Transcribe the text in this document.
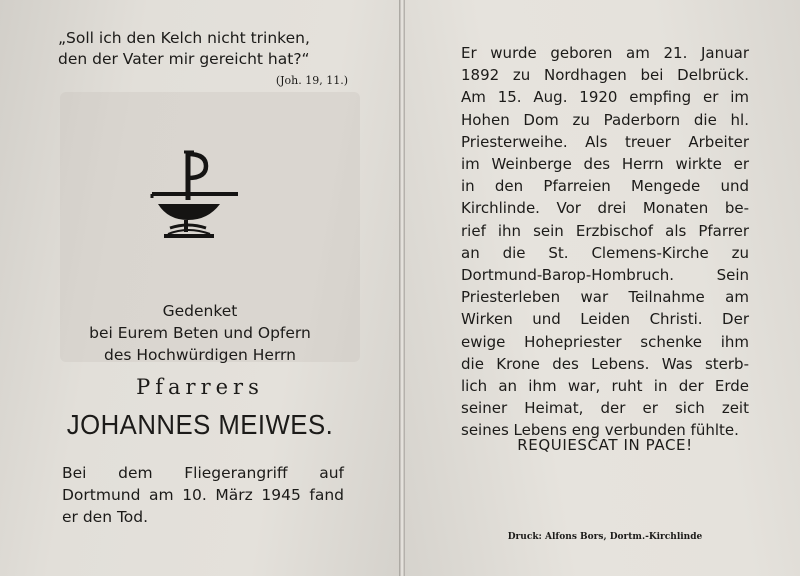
„Soll ich den Kelch nicht trinken,
den der Vater mir gereicht hat?“
(Joh. 19, 11.)
Gedenket
bei Eurem Beten und Opfern
des Hochwürdigen Herrn
Pfarrers
JOHANNES MEIWES.
Bei dem Fliegerangriff auf Dortmund am 10. März 1945 fand er den Tod.
Er wurde geboren am 21. Januar
1892 zu Nordhagen bei Delbrück.
Am 15. Aug. 1920 empfing er im
Hohen Dom zu Paderborn die hl.
Priesterweihe. Als treuer Arbeiter
im Weinberge des Herrn wirkte er
in den Pfarreien Mengede und
Kirchlinde. Vor drei Monaten be-
rief ihn sein Erzbischof als Pfarrer
an die St. Clemens-Kirche zu
Dortmund-Barop-Hombruch. Sein
Priesterleben war Teilnahme am
Wirken und Leiden Christi. Der
ewige Hohepriester schenke ihm
die Krone des Lebens. Was sterb-
lich an ihm war, ruht in der Erde
seiner Heimat, der er sich zeit
seines Lebens eng verbunden fühlte.
REQUIESCAT IN PACE!
Druck: Alfons Bors, Dortm.-Kirchlinde
